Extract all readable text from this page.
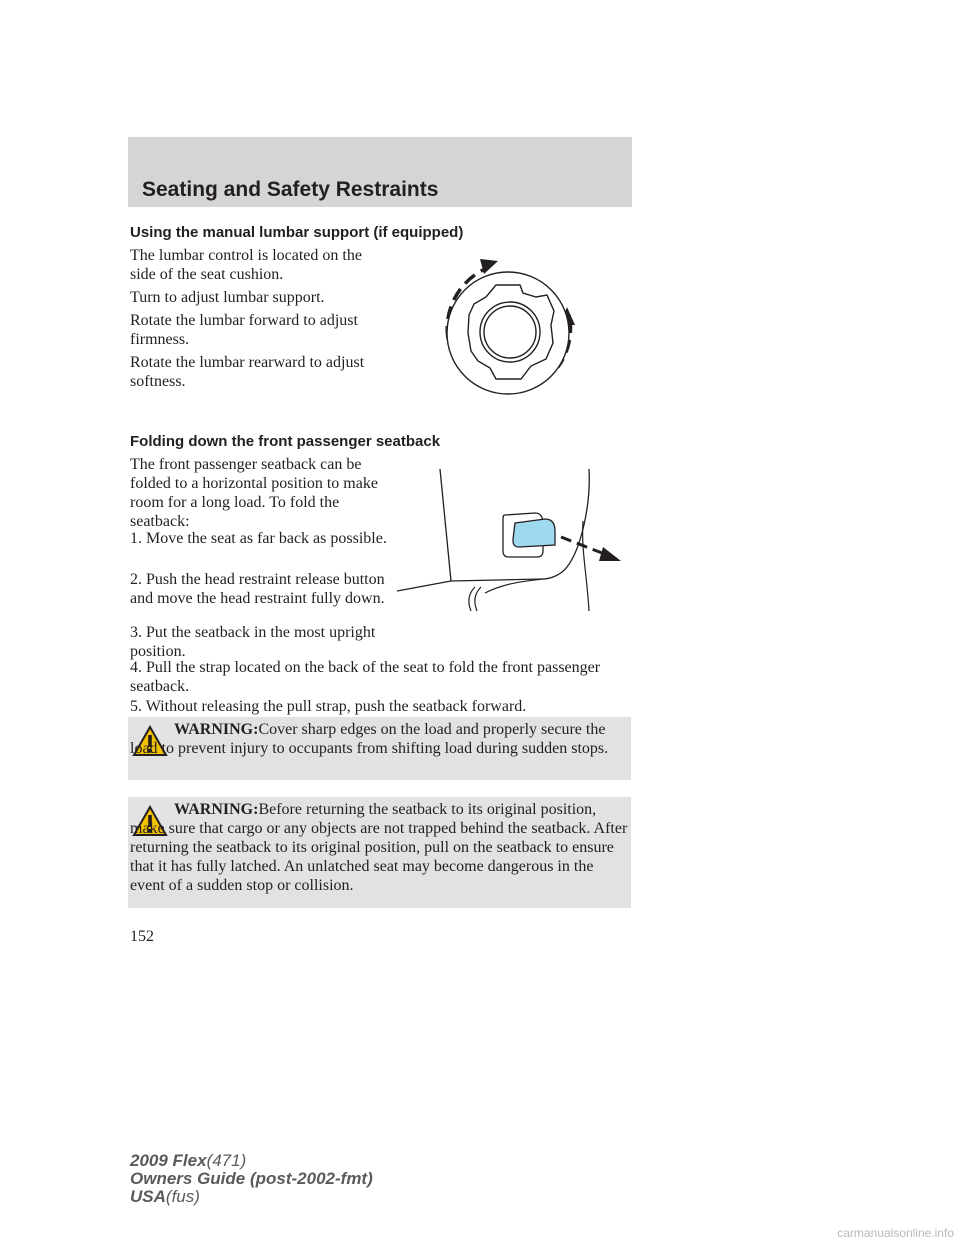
Seating and Safety Restraints
Using the manual lumbar support (if equipped)
The lumbar control is located on the side of the seat cushion.
Turn to adjust lumbar support.
Rotate the lumbar forward to adjust firmness.
Rotate the lumbar rearward to adjust softness.
Folding down the front passenger seatback
The front passenger seatback can be folded to a horizontal position to make room for a long load. To fold the seatback:
1. Move the seat as far back as possible.
2. Push the head restraint release button and move the head restraint fully down.
3. Put the seatback in the most upright position.
4. Pull the strap located on the back of the seat to fold the front passenger seatback.
5. Without releasing the pull strap, push the seatback forward.
WARNING:Cover sharp edges on the load and properly secure the load to prevent injury to occupants from shifting load during sudden stops.
WARNING:Before returning the seatback to its original position, make sure that cargo or any objects are not trapped behind the seatback. After returning the seatback to its original position, pull on the seatback to ensure that it has fully latched. An unlatched seat may become dangerous in the event of a sudden stop or collision.
152
2009 Flex(471)
Owners Guide (post-2002-fmt)
USA(fus)
carmanualsonline.info
